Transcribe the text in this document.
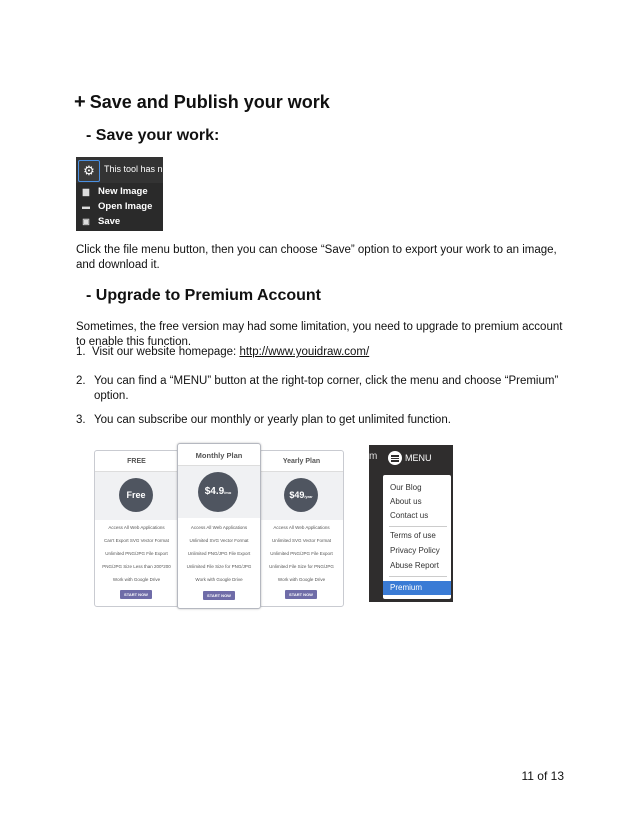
+ Save and Publish your work
- Save your work:
⚙	This tool has n
▆ New Image
▬ Open Image
▣ Save
Click the file menu button, then you can choose “Save” option to export your work to an image, and download it.
- Upgrade to Premium Account
Sometimes, the free version may had some limitation, you need to upgrade to premium account to enable this function.
1. Visit our website homepage: http://www.youidraw.com/
2. You can find a “MENU” button at the right-top corner, click the menu and choose “Premium” option.
3. You can subscribe our monthly or yearly plan to get unlimited function.
FREE
Free
Access All Web Applications
Can't Export SVG Vector Format
Unlimited PNG/JPG File Export
PNG/JPG Size Less than 200*200
Work with Google Drive
START NOW
Monthly Plan
$4.9/mo
Access All Web Applications
Unlimited SVG Vector Format
Unlimited PNG/JPG File Export
Unlimited File Size for PNG/JPG
Work with Google Drive
START NOW
Yearly Plan
$49/year
Access All Web Applications
Unlimited SVG Vector Format
Unlimited PNG/JPG File Export
Unlimited File Size for PNG/JPG
Work with Google Drive
START NOW
m	MENU
Our Blog
About us
Contact us
Terms of use
Privacy Policy
Abuse Report
Premium
11 of 13
